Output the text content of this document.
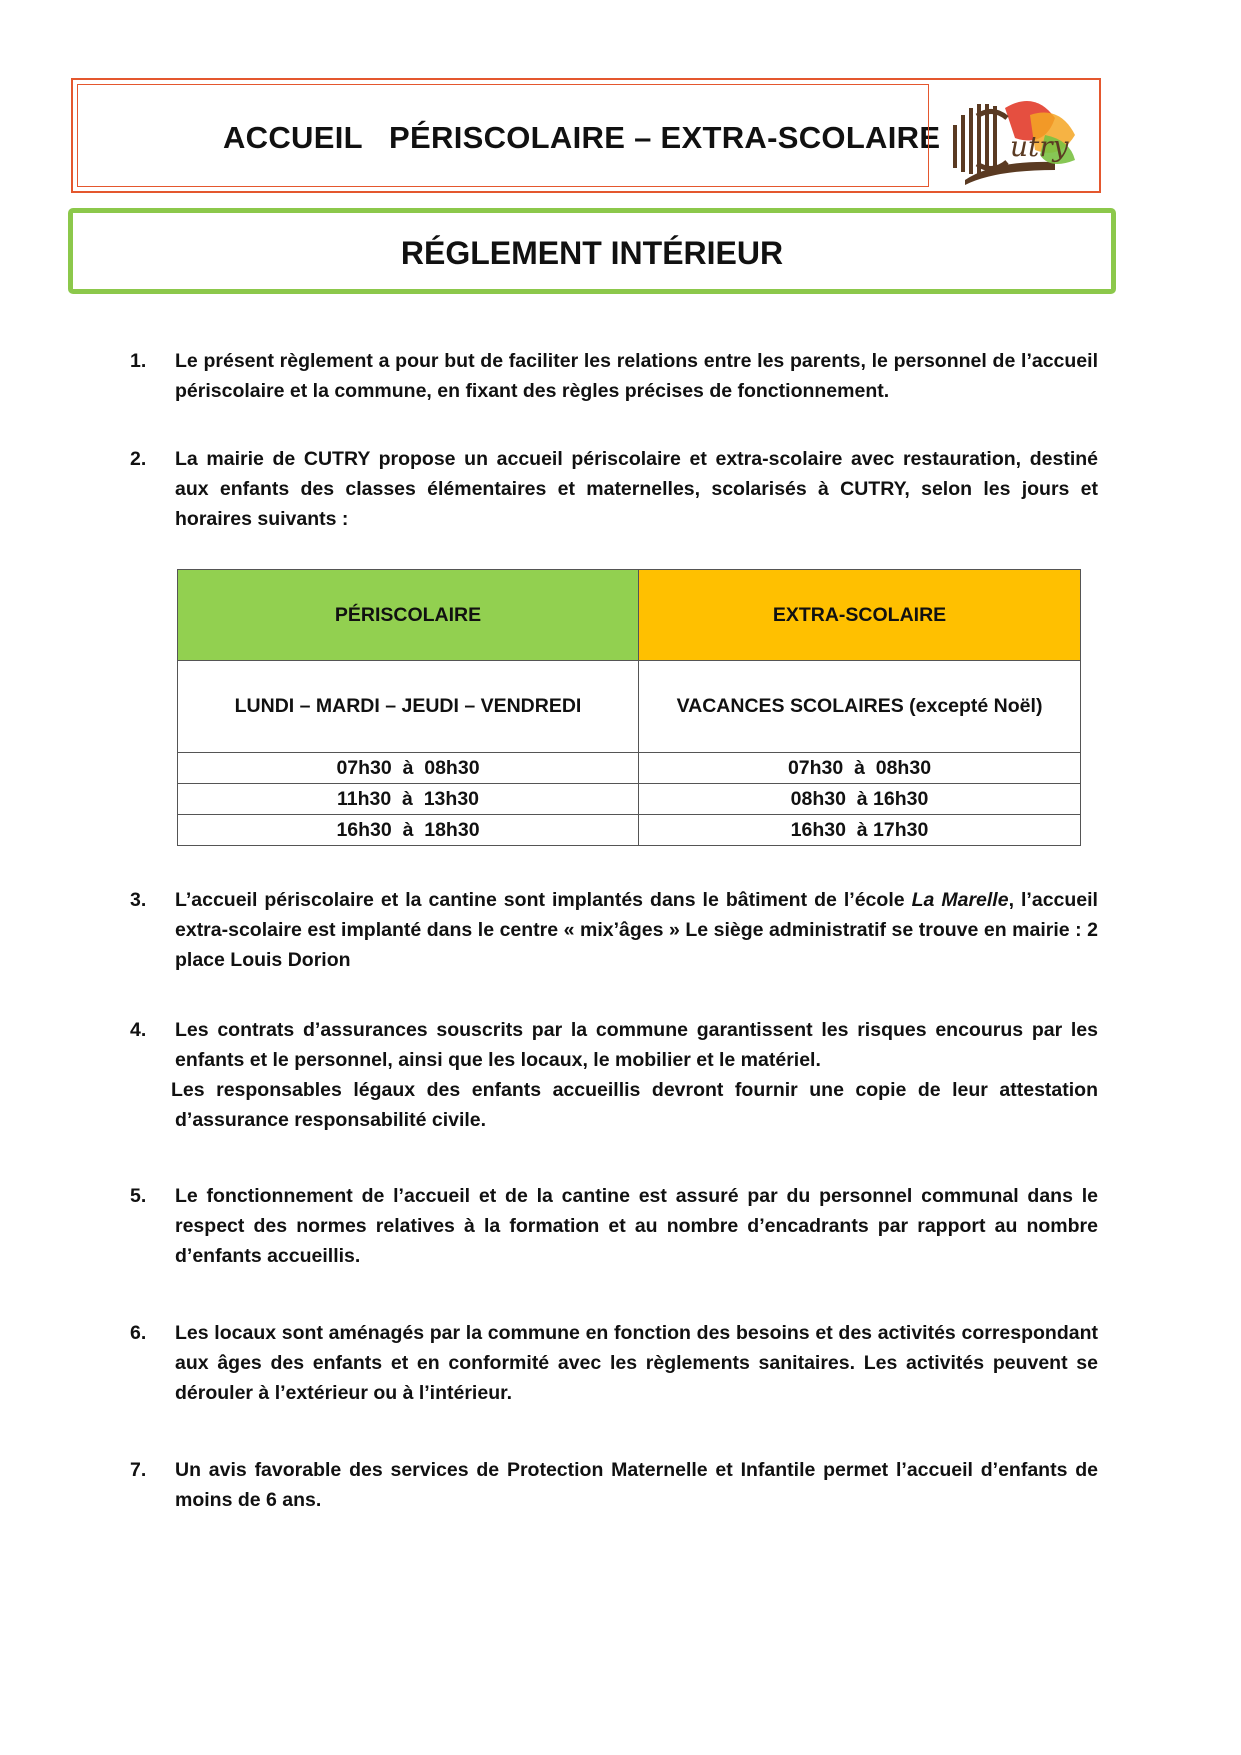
ACCUEIL   PÉRISCOLAIRE – EXTRA-SCOLAIRE utry
RÉGLEMENT INTÉRIEUR
1. Le présent règlement a pour but de faciliter les relations entre les parents, le personnel de l’accueil périscolaire et la commune, en fixant des règles précises de fonctionnement.
2. La mairie de CUTRY propose un accueil périscolaire et extra-scolaire avec restauration, destiné aux enfants des classes élémentaires et maternelles, scolarisés à CUTRY, selon les jours et horaires suivants :
PÉRISCOLAIRE	EXTRA-SCOLAIRE
LUNDI – MARDI – JEUDI – VENDREDI	VACANCES SCOLAIRES (excepté Noël)
07h30  à  08h30	07h30  à  08h30
11h30  à  13h30	08h30  à 16h30
16h30  à  18h30	16h30  à 17h30
3. L’accueil périscolaire et la cantine sont implantés dans le bâtiment de l’école La Marelle, l’accueil extra-scolaire est implanté dans le centre « mix’âges » Le siège administratif se trouve en mairie : 2 place Louis Dorion
4. Les contrats d’assurances souscrits par la commune garantissent les risques encourus par les enfants et le personnel, ainsi que les locaux, le mobilier et le matériel.
Les responsables légaux des enfants accueillis devront fournir une copie de leur attestation d’assurance responsabilité civile.
5. Le fonctionnement de l’accueil et de la cantine est assuré par du personnel communal dans le respect des normes relatives à la formation et au nombre d’encadrants par rapport au nombre d’enfants accueillis.
6. Les locaux sont aménagés par la commune en fonction des besoins et des activités correspondant aux âges des enfants et en conformité avec les règlements sanitaires. Les activités peuvent se dérouler à l’extérieur ou à l’intérieur.
7. Un avis favorable des services de Protection Maternelle et Infantile permet l’accueil d’enfants de moins de 6 ans.
